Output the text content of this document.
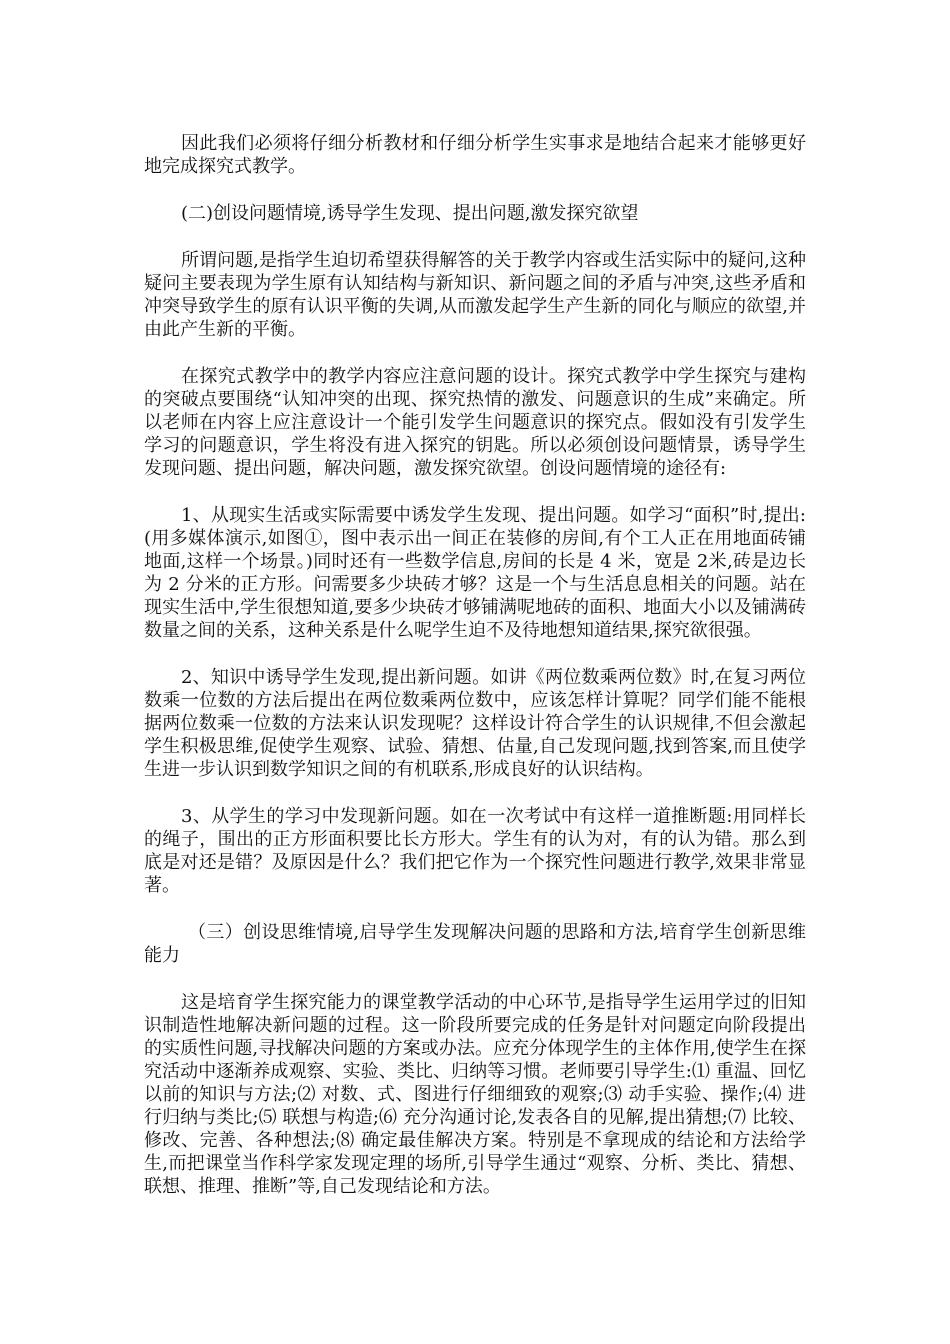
因此我们必须将仔细分析教材和仔细分析学生实事求是地结合起来才能够更好地完成探究式教学。

(二)创设问题情境,诱导学生发现、提出问题,激发探究欲望

所谓问题,是指学生迫切希望获得解答的关于教学内容或生活实际中的疑问,这种疑问主要表现为学生原有认知结构与新知识、新问题之间的矛盾与冲突,这些矛盾和冲突导致学生的原有认识平衡的失调,从而激发起学生产生新的同化与顺应的欲望,并由此产生新的平衡。

在探究式教学中的教学内容应注意问题的设计。探究式教学中学生探究与建构的突破点要围绕“认知冲突的出现、探究热情的激发、问题意识的生成”来确定。所以老师在内容上应注意设计一个能引发学生问题意识的探究点。假如没有引发学生学习的问题意识，学生将没有进入探究的钥匙。所以必须创设问题情景，诱导学生发现问题、提出问题，解决问题，激发探究欲望。创设问题情境的途径有:

1、从现实生活或实际需要中诱发学生发现、提出问题。如学习“面积”时,提出:(用多媒体演示,如图①，图中表示出一间正在装修的房间,有个工人正在用地面砖铺地面,这样一个场景。)同时还有一些数学信息,房间的长是 4 米，宽是 2米,砖是边长为 2 分米的正方形。问需要多少块砖才够？这是一个与生活息息相关的问题。站在现实生活中,学生很想知道,要多少块砖才够铺满呢地砖的面积、地面大小以及铺满砖数量之间的关系，这种关系是什么呢学生迫不及待地想知道结果,探究欲很强。

2、知识中诱导学生发现,提出新问题。如讲《两位数乘两位数》时,在复习两位数乘一位数的方法后提出在两位数乘两位数中，应该怎样计算呢？同学们能不能根据两位数乘一位数的方法来认识发现呢？这样设计符合学生的认识规律,不但会激起学生积极思维,促使学生观察、试验、猜想、估量,自己发现问题,找到答案,而且使学生进一步认识到数学知识之间的有机联系,形成良好的认识结构。

3、从学生的学习中发现新问题。如在一次考试中有这样一道推断题:用同样长的绳子，围出的正方形面积要比长方形大。学生有的认为对，有的认为错。那么到底是对还是错？及原因是什么？我们把它作为一个探究性问题进行教学,效果非常显著。

（三）创设思维情境,启导学生发现解决问题的思路和方法,培育学生创新思维能力

这是培育学生探究能力的课堂教学活动的中心环节,是指导学生运用学过的旧知识制造性地解决新问题的过程。这一阶段所要完成的任务是针对问题定向阶段提出的实质性问题,寻找解决问题的方案或办法。应充分体现学生的主体作用,使学生在探究活动中逐渐养成观察、实验、类比、归纳等习惯。老师要引导学生:⑴ 重温、回忆以前的知识与方法;⑵ 对数、式、图进行仔细细致的观察;⑶ 动手实验、操作;⑷ 进行归纳与类比;⑸ 联想与构造;⑹ 充分沟通讨论,发表各自的见解,提出猜想;⑺ 比较、修改、完善、各种想法;⑻ 确定最佳解决方案。特别是不拿现成的结论和方法给学生,而把课堂当作科学家发现定理的场所,引导学生通过“观察、分析、类比、猜想、联想、推理、推断”等,自己发现结论和方法。
